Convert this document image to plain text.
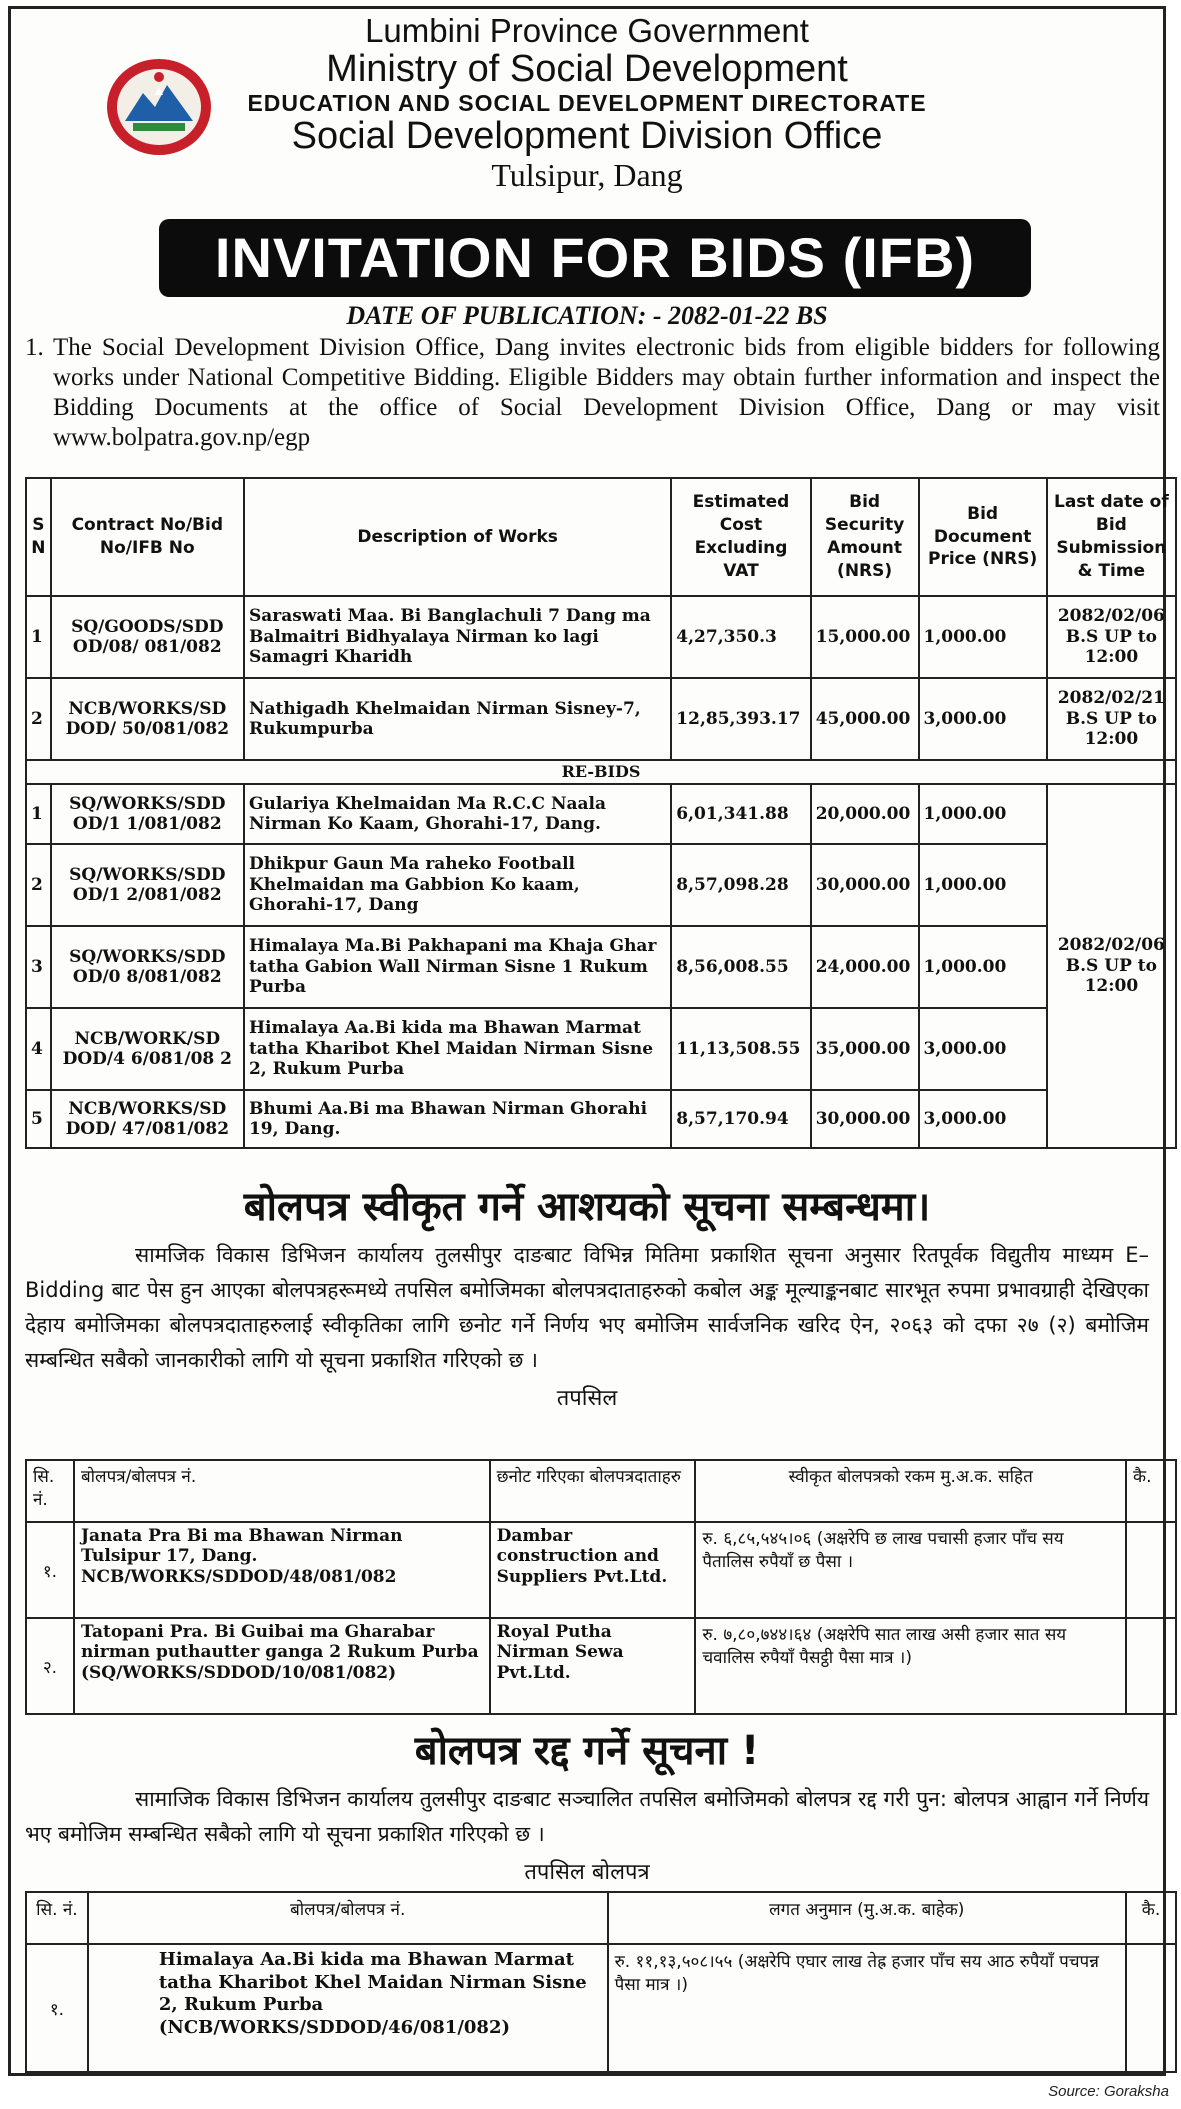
Lumbini Province Government
Ministry of Social Development
EDUCATION AND SOCIAL DEVELOPMENT DIRECTORATE
Social Development Division Office
Tulsipur, Dang
INVITATION FOR BIDS (IFB)
DATE OF PUBLICATION: - 2082-01-22 BS
1. The Social Development Division Office, Dang invites electronic bids from eligible bidders for following works under National Competitive Bidding. Eligible Bidders may obtain further information and inspect the Bidding Documents at the office of Social Development Division Office, Dang or may visit www.bolpatra.gov.np/egp
S N	Contract No/Bid No/IFB No	Description of Works	Estimated Cost Excluding VAT	Bid Security Amount (NRS)	Bid Document Price (NRS)	Last date of Bid Submission & Time
1	SQ/GOODS/SDD OD/08/ 081/082	Saraswati Maa. Bi Banglachuli 7 Dang ma Balmaitri Bidhyalaya Nirman ko lagi Samagri Kharidh	4,27,350.3	15,000.00	1,000.00	2082/02/06 B.S UP to 12:00
2	NCB/WORKS/SD DOD/ 50/081/082	Nathigadh Khelmaidan Nirman Sisney-7, Rukumpurba	12,85,393.17	45,000.00	3,000.00	2082/02/21 B.S UP to 12:00
RE-BIDS						
1	SQ/WORKS/SDD OD/1 1/081/082	Gulariya Khelmaidan Ma R.C.C Naala Nirman Ko Kaam, Ghorahi-17, Dang.	6,01,341.88	20,000.00	1,000.00	2082/02/06 B.S UP to 12:00
2	SQ/WORKS/SDD OD/1 2/081/082	Dhikpur Gaun Ma raheko Football Khelmaidan ma Gabbion Ko kaam, Ghorahi-17, Dang	8,57,098.28	30,000.00	1,000.00	
3	SQ/WORKS/SDD OD/0 8/081/082	Himalaya Ma.Bi Pakhapani ma Khaja Ghar tatha Gabion Wall Nirman Sisne 1 Rukum Purba	8,56,008.55	24,000.00	1,000.00	
4	NCB/WORK/SD DOD/4 6/081/08 2	Himalaya Aa.Bi kida ma Bhawan Marmat tatha Kharibot Khel Maidan Nirman Sisne 2, Rukum Purba	11,13,508.55	35,000.00	3,000.00	
5	NCB/WORKS/SD DOD/ 47/081/082	Bhumi Aa.Bi ma Bhawan Nirman Ghorahi 19, Dang.	8,57,170.94	30,000.00	3,000.00	
बोलपत्र स्वीकृत गर्ने आशयको सूचना सम्बन्धमा।
सामजिक विकास डिभिजन कार्यालय तुलसीपुर दाङबाट विभिन्न मितिमा प्रकाशित सूचना अनुसार रितपूर्वक विद्युतीय माध्यम E–Bidding बाट पेस हुन आएका बोलपत्रहरूमध्ये तपसिल बमोजिमका बोलपत्रदाताहरुको कबोल अङ्क मूल्याङ्कनबाट सारभूत रुपमा प्रभावग्राही देखिएका देहाय बमोजिमका बोलपत्रदाताहरुलाई स्वीकृतिका लागि छनोट गर्ने निर्णय भए बमोजिम सार्वजनिक खरिद ऐन, २०६३ को दफा २७ (२) बमोजिम सम्बन्धित सबैको जानकारीको लागि यो सूचना प्रकाशित गरिएको छ ।
तपसिल
सि. नं.	बोलपत्र/बोलपत्र नं.	छनोट गरिएका बोलपत्रदाताहरु	स्वीकृत बोलपत्रको रकम मु.अ.क. सहित	कै.
१.	Janata Pra Bi ma Bhawan Nirman Tulsipur 17, Dang. NCB/WORKS/SDDOD/48/081/082	Dambar construction and Suppliers Pvt.Ltd.	रु. ६,८५,५४५।०६ (अक्षरेपि छ लाख पचासी हजार पाँच सय पैतालिस रुपैयाँ छ पैसा ।	
२.	Tatopani Pra. Bi Guibai ma Gharabar nirman puthautter ganga 2 Rukum Purba (SQ/WORKS/SDDOD/10/081/082)	Royal Putha Nirman Sewa Pvt.Ltd.	रु. ७,८०,७४४।६४ (अक्षरेपि सात लाख असी हजार सात सय चवालिस रुपैयाँ पैसट्ठी पैसा मात्र ।)	
बोलपत्र रद्द गर्ने सूचना !
सामाजिक विकास डिभिजन कार्यालय तुलसीपुर दाङबाट सञ्चालित तपसिल बमोजिमको बोलपत्र रद्द गरी पुन: बोलपत्र आह्वान गर्ने निर्णय भए बमोजिम सम्बन्धित सबैको लागि यो सूचना प्रकाशित गरिएको छ ।
तपसिल बोलपत्र
सि. नं.	बोलपत्र/बोलपत्र नं.	लगत अनुमान (मु.अ.क. बाहेक)	कै.
१.	Himalaya Aa.Bi kida ma Bhawan Marmat tatha Kharibot Khel Maidan Nirman Sisne 2, Rukum Purba (NCB/WORKS/SDDOD/46/081/082)	रु. ११,१३,५०८।५५ (अक्षरेपि एघार लाख तेह्र हजार पाँच सय आठ रुपैयाँ पचपन्न पैसा मात्र ।)	
Source: Goraksha
